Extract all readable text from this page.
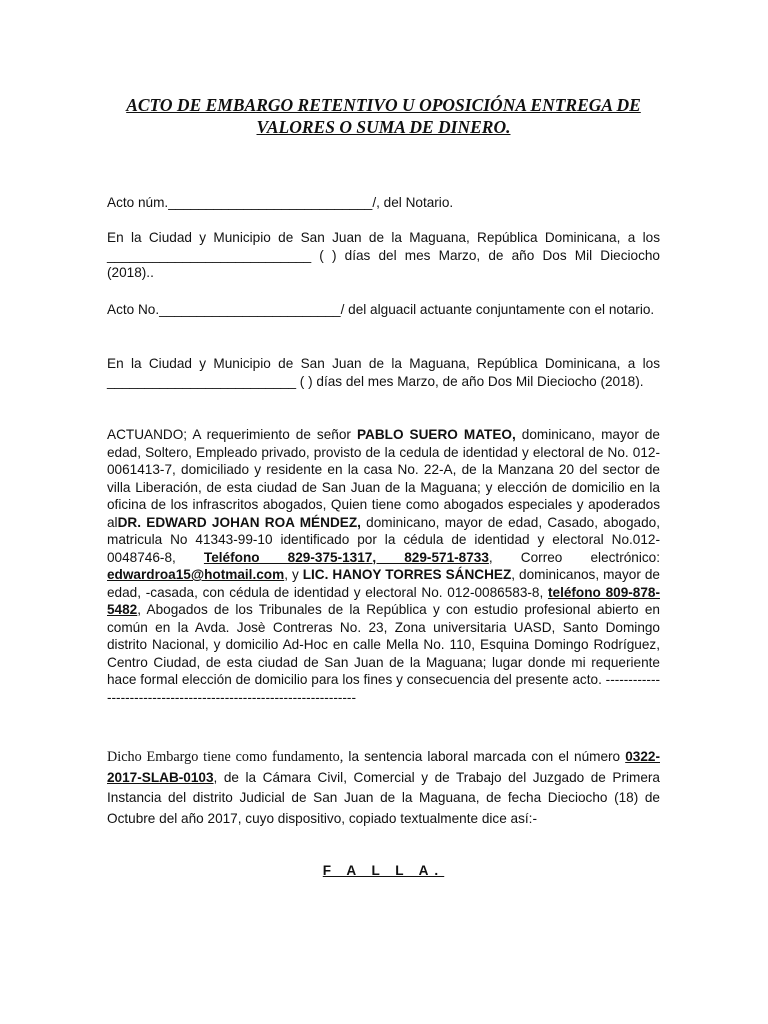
ACTO DE EMBARGO RETENTIVO U OPOSICIÓNA ENTREGA DE
VALORES O SUMA DE DINERO.

Acto núm.___________________________/, del Notario.

En la Ciudad y Municipio de San Juan de la Maguana, República Dominicana, a los ___________________________ ( ) días del mes Marzo, de año Dos Mil Dieciocho (2018)..

Acto No.________________________/ del alguacil actuante conjuntamente con el notario.

En la Ciudad y Municipio de San Juan de la Maguana, República Dominicana, a los _________________________ ( ) días del mes Marzo, de año Dos Mil Dieciocho (2018).

ACTUANDO; A requerimiento de señor PABLO SUERO MATEO, dominicano, mayor de edad, Soltero, Empleado privado, provisto de la cedula de identidad y electoral de No. 012-0061413-7, domiciliado y residente en la casa No. 22-A, de la Manzana 20 del sector de villa Liberación, de esta ciudad de San Juan de la Maguana; y elección de domicilio en la oficina de los infrascritos abogados, Quien tiene como abogados especiales y apoderados alDR. EDWARD JOHAN ROA MÉNDEZ, dominicano, mayor de edad, Casado, abogado, matricula No 41343-99-10 identificado por la cédula de identidad y electoral No.012-0048746-8, Teléfono 829-375-1317, 829-571-8733, Correo electrónico: edwardroa15@hotmail.com, y LIC. HANOY TORRES SÁNCHEZ, dominicanos, mayor de edad, -casada, con cédula de identidad y electoral No. 012-0086583-8, teléfono 809-878-5482, Abogados de los Tribunales de la República y con estudio profesional abierto en común en la Avda. Josè Contreras No. 23, Zona universitaria UASD, Santo Domingo distrito Nacional, y domicilio Ad-Hoc en calle Mella No. 110, Esquina Domingo Rodríguez, Centro Ciudad, de esta ciudad de San Juan de la Maguana; lugar donde mi requeriente hace formal elección de domicilio para los fines y consecuencia del presente acto. -------------------------------------------------------------------

Dicho Embargo tiene como fundamento, la sentencia laboral marcada con el número 0322-2017-SLAB-0103, de la Cámara Civil, Comercial y de Trabajo del Juzgado de Primera Instancia del distrito Judicial de San Juan de la Maguana, de fecha Dieciocho (18) de Octubre del año 2017, cuyo dispositivo, copiado textualmente dice así:-

F A L L A.
